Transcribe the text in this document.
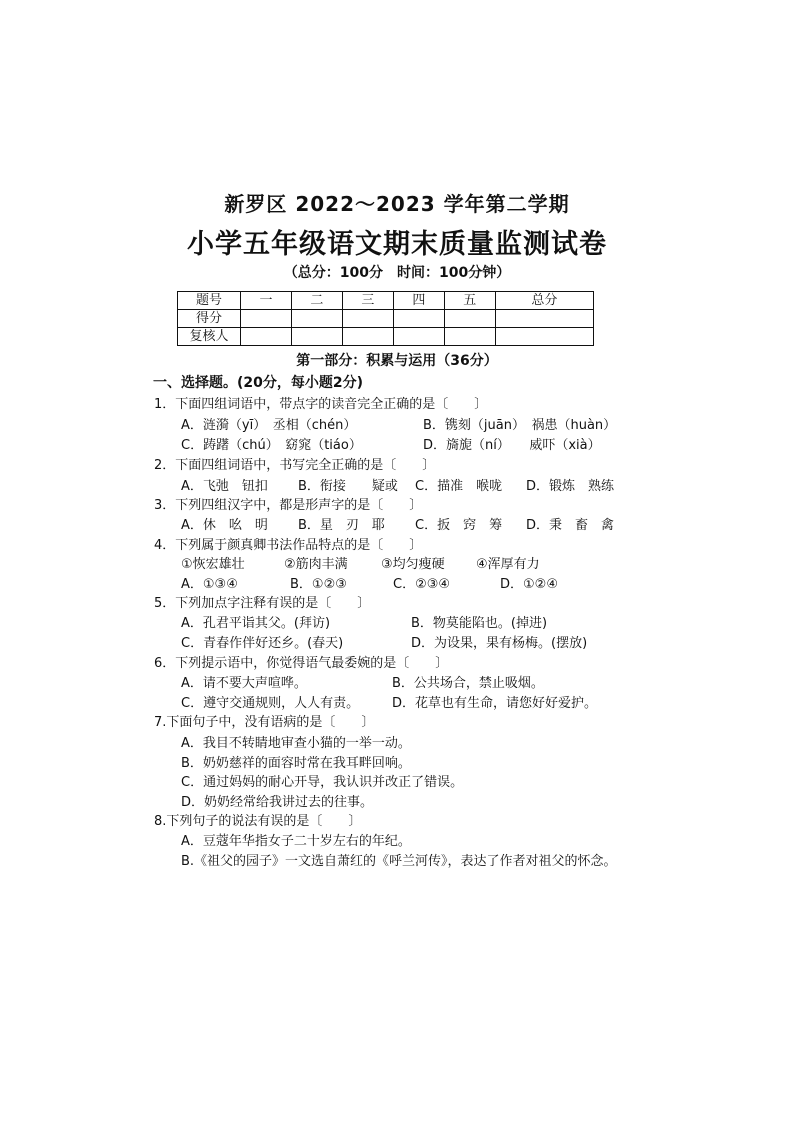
新罗区 2022～2023 学年第二学期
小学五年级语文期末质量监测试卷
（总分：100分　时间：100分钟）
题号	一	二	三	四	五	总分
得分						
复核人						
第一部分：积累与运用（36分）
一、选择题。(20分，每小题2分)
1．下面四组词语中，带点字的读音完全正确的是〔　　〕
A．涟漪（yī）　丞相（chén）	B．镌刻（juān）　祸患（huàn）
C．踌躇（chú）　窈窕（tiáo）	D．旖旎（ní）　　威吓（xià）
2．下面四组词语中，书写完全正确的是〔　　〕
A．飞弛　钮扣 B．衔接　　疑或 C．描准　喉咙 D．锻炼　熟练
3．下列四组汉字中，都是形声字的是〔　　〕
A．休　吆　明 B．星　刃　耶 C．扳　窍　筹 D．秉　畜　禽
4．下列属于颜真卿书法作品特点的是〔　　〕
①恢宏雄壮	②筋肉丰满	③均匀瘦硬 ④浑厚有力
A．①③④	B．①②③	C．②③④	D．①②④
5．下列加点字注释有误的是〔　　〕
A．孔君平诣其父。(拜访)	B．物莫能陷也。(掉进)
C．青春作伴好还乡。(春天)	D．为设果，果有杨梅。(摆放)
6．下列提示语中，你觉得语气最委婉的是〔　　〕
A．请不要大声喧哗。	B．公共场合，禁止吸烟。
C．遵守交通规则，人人有责。	D．花草也有生命，请您好好爱护。
7.下面句子中，没有语病的是〔　　〕
A．我目不转睛地审查小猫的一举一动。
B．奶奶慈祥的面容时常在我耳畔回响。
C．通过妈妈的耐心开导，我认识并改正了错误。
D．奶奶经常给我讲过去的往事。
8.下列句子的说法有误的是〔　　〕
A．豆蔻年华指女子二十岁左右的年纪。
B.《祖父的园子》一文选自萧红的《呼兰河传》，表达了作者对祖父的怀念。
